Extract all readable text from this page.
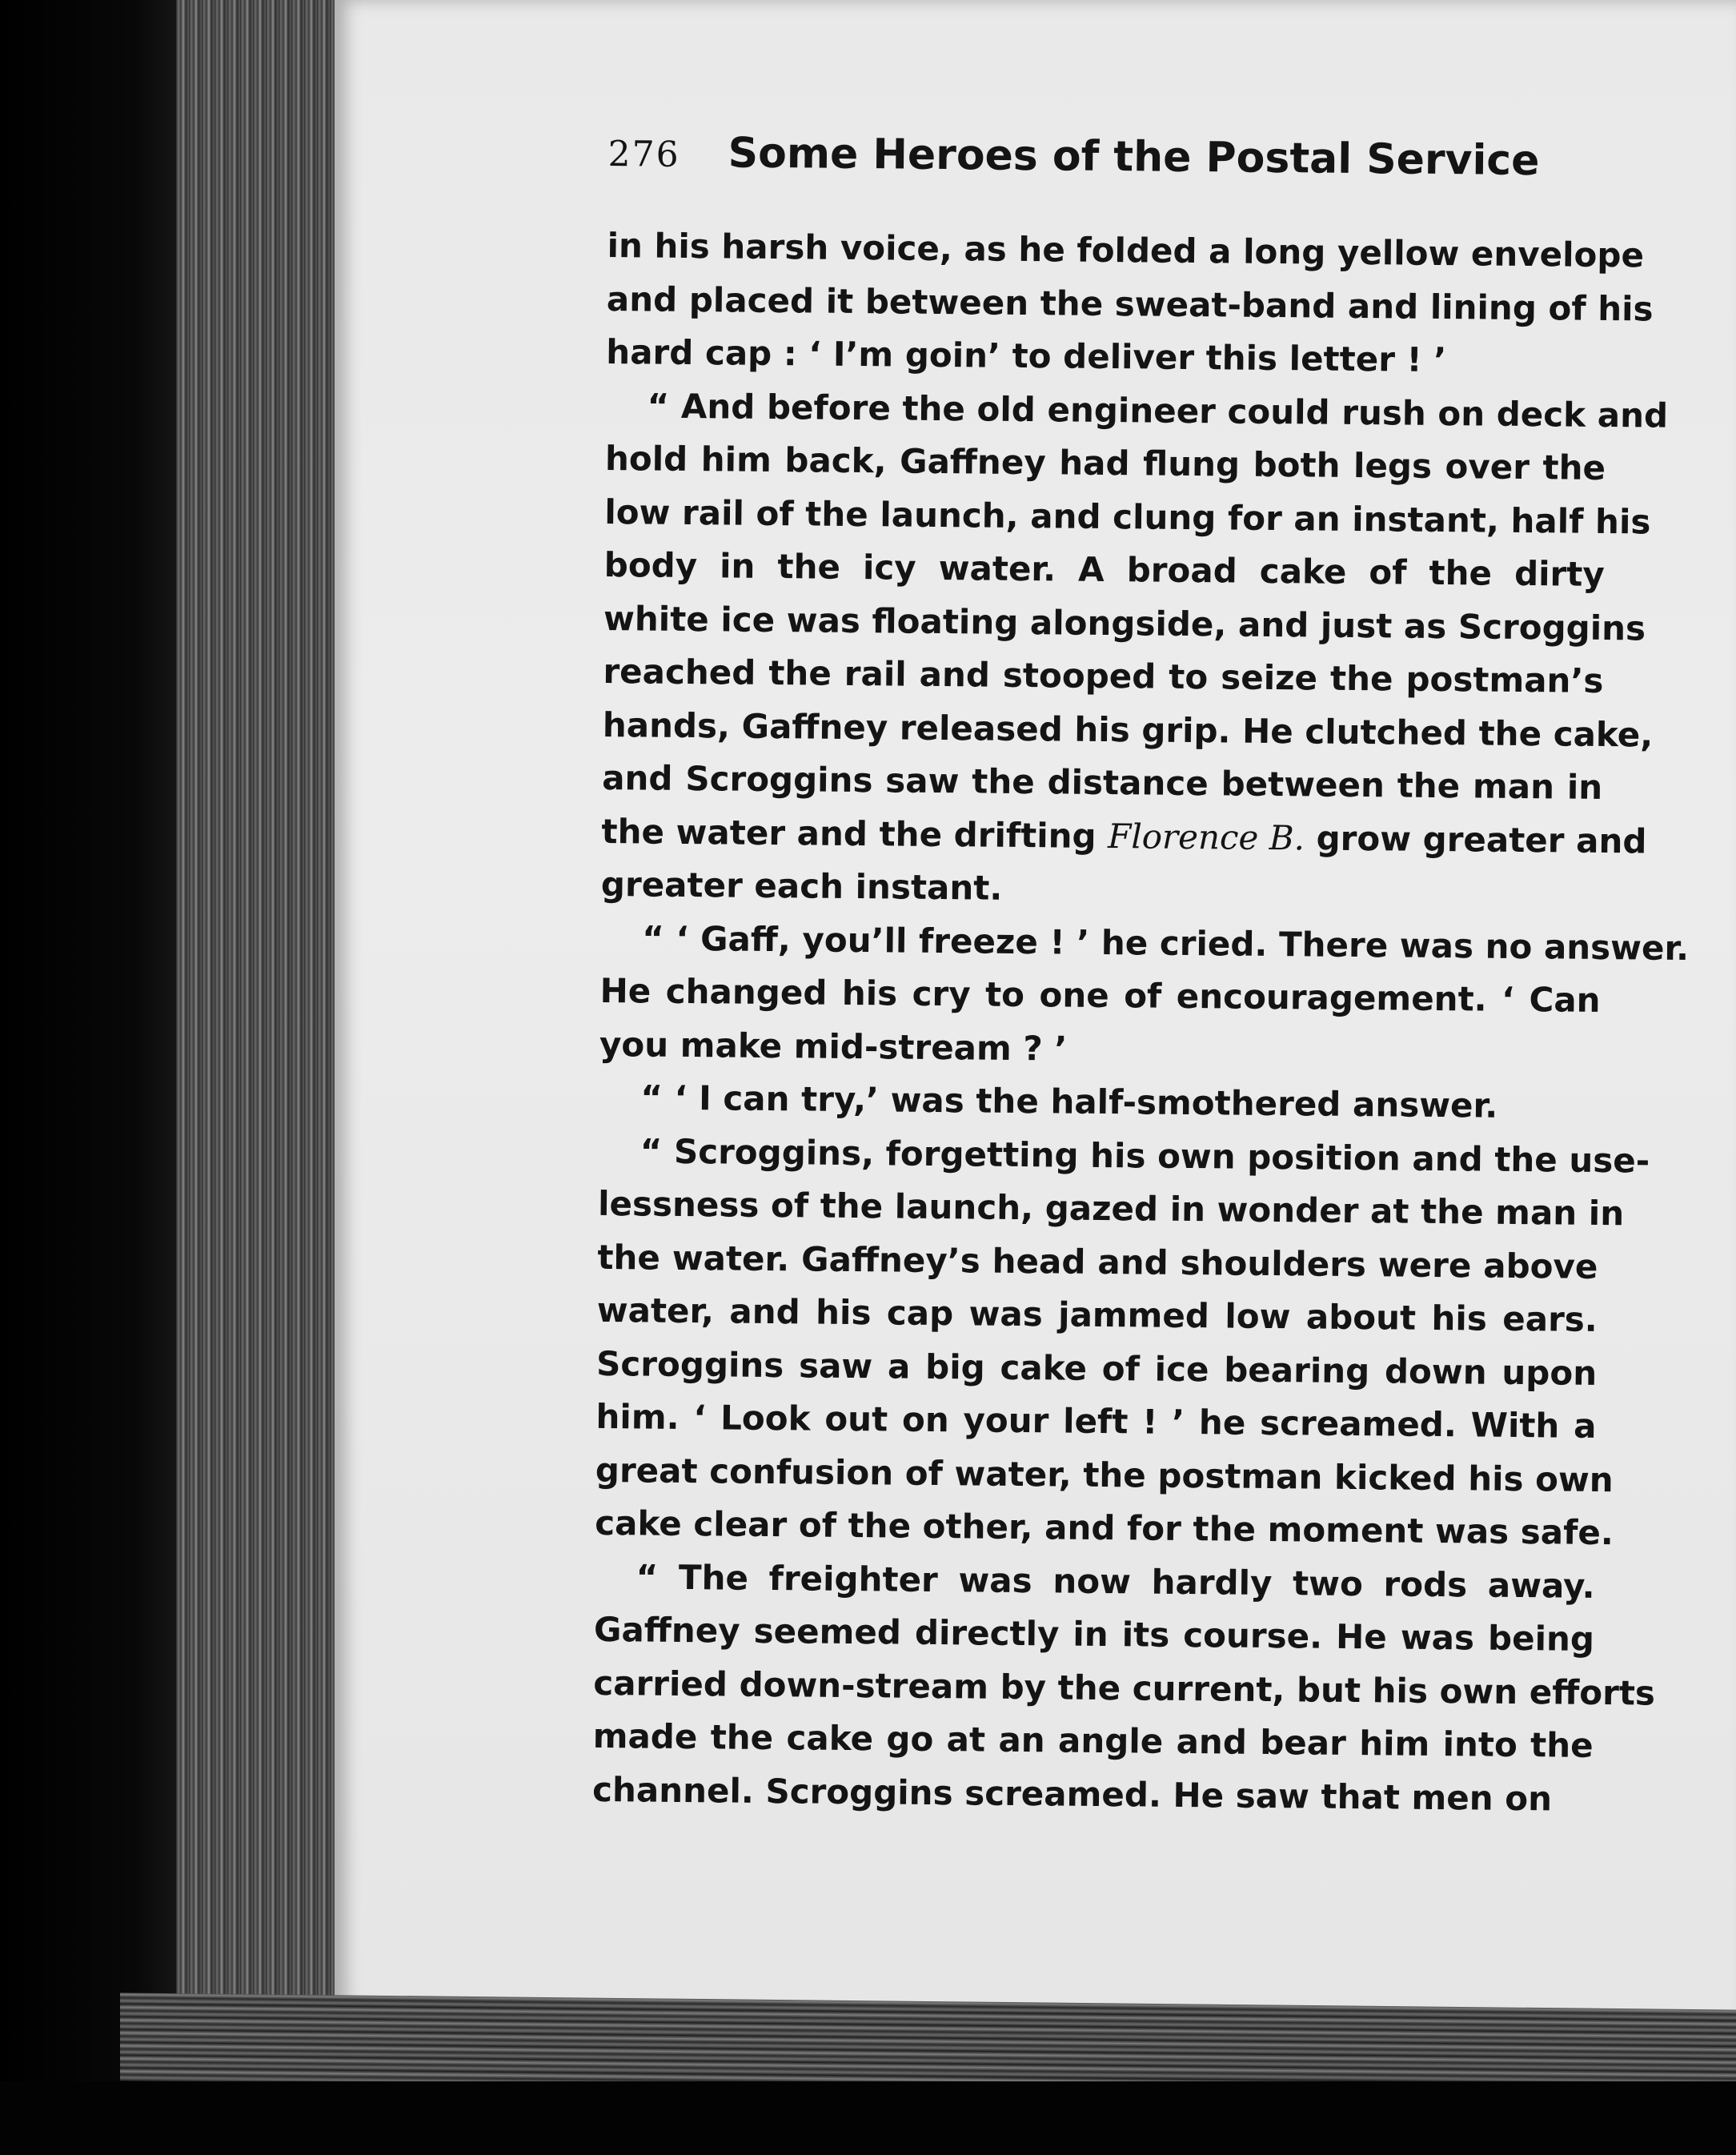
276	Some Heroes of the Postal Service
in his harsh voice, as he folded a long yellow envelope
and placed it between the sweat-band and lining of his
hard cap : ‘ I’m goin’ to deliver this letter ! ’
“ And before the old engineer could rush on deck and
hold him back, Gaffney had flung both legs over the
low rail of the launch, and clung for an instant, half his
body in the icy water. A broad cake of the dirty
white ice was floating alongside, and just as Scroggins
reached the rail and stooped to seize the postman’s
hands, Gaffney released his grip. He clutched the cake,
and Scroggins saw the distance between the man in
the water and the drifting Florence B. grow greater and
greater each instant.
“ ‘ Gaff, you’ll freeze ! ’ he cried. There was no answer.
He changed his cry to one of encouragement. ‘ Can
you make mid-stream ? ’
“ ‘ I can try,’ was the half-smothered answer.
“ Scroggins, forgetting his own position and the use-
lessness of the launch, gazed in wonder at the man in
the water. Gaffney’s head and shoulders were above
water, and his cap was jammed low about his ears.
Scroggins saw a big cake of ice bearing down upon
him. ‘ Look out on your left ! ’ he screamed. With a
great confusion of water, the postman kicked his own
cake clear of the other, and for the moment was safe.
“ The freighter was now hardly two rods away.
Gaffney seemed directly in its course. He was being
carried down-stream by the current, but his own efforts
made the cake go at an angle and bear him into the
channel. Scroggins screamed. He saw that men on
